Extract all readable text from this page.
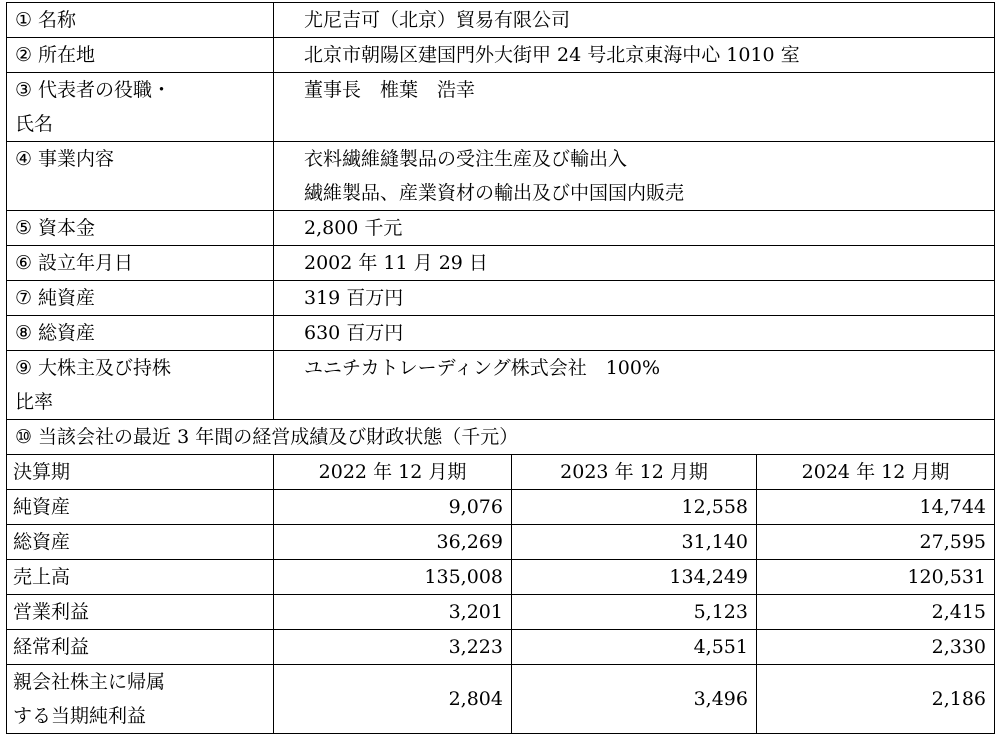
① 名称	尤尼吉可（北京）貿易有限公司		

② 所在地	北京市朝陽区建国門外大街甲 24 号北京東海中心 1010 室		

③ 代表者の役職・
氏名	董事長　椎葉　浩幸		

④ 事業内容	衣料繊維縫製品の受注生産及び輸出入
繊維製品、産業資材の輸出及び中国国内販売		

⑤ 資本金	2,800 千元		

⑥ 設立年月日	2002 年 11 月 29 日		

⑦ 純資産	319 百万円		

⑧ 総資産	630 百万円		

⑨ 大株主及び持株
比率	ユニチカトレーディング株式会社　100%		

⑩ 当該会社の最近 3 年間の経営成績及び財政状態（千元）			
決算期	2022 年 12 月期	2023 年 12 月期	2024 年 12 月期

純資産	9,076	12,558	14,744

総資産	36,269	31,140	27,595

売上高	135,008	134,249	120,531

営業利益	3,201	5,123	2,415

経常利益	3,223	4,551	2,330

親会社株主に帰属
する当期純利益	2,804	3,496	2,186
